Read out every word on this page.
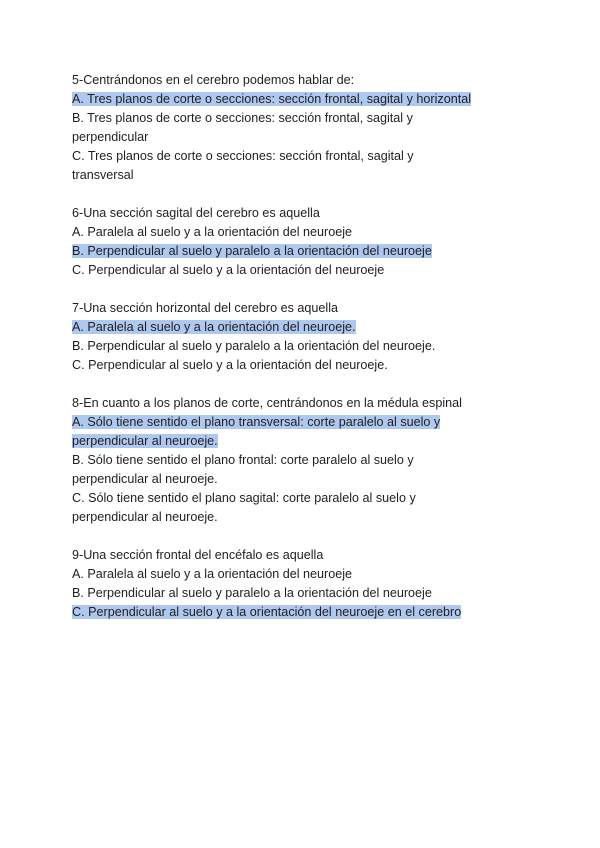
5-Centrándonos en el cerebro podemos hablar de:
A. Tres planos de corte o secciones: sección frontal, sagital y horizontal
B. Tres planos de corte o secciones: sección frontal, sagital y
perpendicular
C. Tres planos de corte o secciones: sección frontal, sagital y
transversal
6-Una sección sagital del cerebro es aquella
A. Paralela al suelo y a la orientación del neuroeje
B. Perpendicular al suelo y paralelo a la orientación del neuroeje
C. Perpendicular al suelo y a la orientación del neuroeje
7-Una sección horizontal del cerebro es aquella
A. Paralela al suelo y a la orientación del neuroeje.
B. Perpendicular al suelo y paralelo a la orientación del neuroeje.
C. Perpendicular al suelo y a la orientación del neuroeje.
8-En cuanto a los planos de corte, centrándonos en la médula espinal
A. Sólo tiene sentido el plano transversal: corte paralelo al suelo y
perpendicular al neuroeje.
B. Sólo tiene sentido el plano frontal: corte paralelo al suelo y
perpendicular al neuroeje.
C. Sólo tiene sentido el plano sagital: corte paralelo al suelo y
perpendicular al neuroeje.
9-Una sección frontal del encéfalo es aquella
A. Paralela al suelo y a la orientación del neuroeje
B. Perpendicular al suelo y paralelo a la orientación del neuroeje
C. Perpendicular al suelo y a la orientación del neuroeje en el cerebro
